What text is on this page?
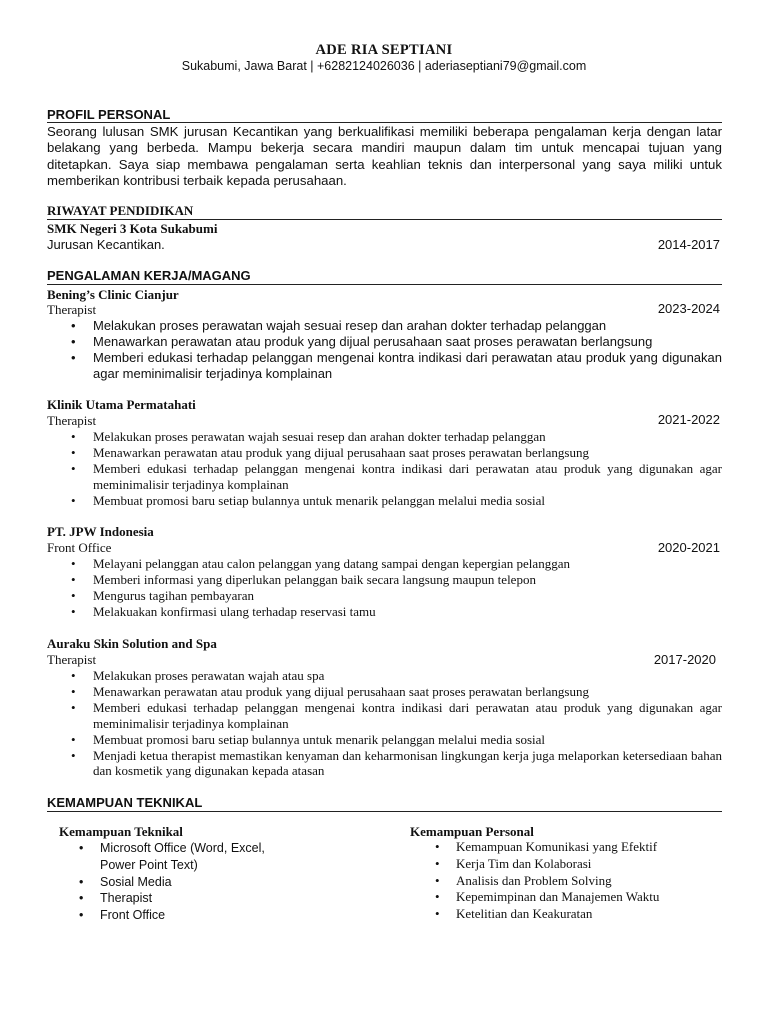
ADE RIA SEPTIANI
Sukabumi, Jawa Barat | +6282124026036 | aderiaseptiani79@gmail.com
PROFIL PERSONAL
Seorang lulusan SMK jurusan Kecantikan yang berkualifikasi memiliki beberapa pengalaman kerja dengan latar belakang yang berbeda. Mampu bekerja secara mandiri maupun dalam tim untuk mencapai tujuan yang ditetapkan. Saya siap membawa pengalaman serta keahlian teknis dan interpersonal yang saya miliki untuk memberikan kontribusi terbaik kepada perusahaan.
RIWAYAT PENDIDIKAN
SMK Negeri 3 Kota Sukabumi
Jurusan Kecantikan.	2014-2017
PENGALAMAN KERJA/MAGANG
Bening’s Clinic Cianjur
Therapist	2023-2024
• Melakukan proses perawatan wajah sesuai resep dan arahan dokter terhadap pelanggan
• Menawarkan perawatan atau produk yang dijual perusahaan saat proses perawatan berlangsung
• Memberi edukasi terhadap pelanggan mengenai kontra indikasi dari perawatan atau produk yang digunakan agar meminimalisir terjadinya komplainan
Klinik Utama Permatahati
Therapist	2021-2022
• Melakukan proses perawatan wajah sesuai resep dan arahan dokter terhadap pelanggan
• Menawarkan perawatan atau produk yang dijual perusahaan saat proses perawatan berlangsung
• Memberi edukasi terhadap pelanggan mengenai kontra indikasi dari perawatan atau produk yang digunakan agar meminimalisir terjadinya komplainan
• Membuat promosi baru setiap bulannya untuk menarik pelanggan melalui media sosial
PT. JPW Indonesia
Front Office	2020-2021
• Melayani pelanggan atau calon pelanggan yang datang sampai dengan kepergian pelanggan
• Memberi informasi yang diperlukan pelanggan baik secara langsung maupun telepon
• Mengurus tagihan pembayaran
• Melakuakan konfirmasi ulang terhadap reservasi tamu
Auraku Skin Solution and Spa
Therapist	2017-2020
• Melakukan proses perawatan wajah atau spa
• Menawarkan perawatan atau produk yang dijual perusahaan saat proses perawatan berlangsung
• Memberi edukasi terhadap pelanggan mengenai kontra indikasi dari perawatan atau produk yang digunakan agar meminimalisir terjadinya komplainan
• Membuat promosi baru setiap bulannya untuk menarik pelanggan melalui media sosial
• Menjadi ketua therapist memastikan kenyaman dan keharmonisan lingkungan kerja juga melaporkan ketersediaan bahan dan kosmetik yang digunakan kepada atasan
KEMAMPUAN TEKNIKAL
Kemampuan Teknikal
• Microsoft Office (Word, Excel, Power Point Text)
• Sosial Media
• Therapist
• Front Office
Kemampuan Personal
• Kemampuan Komunikasi yang Efektif
• Kerja Tim dan Kolaborasi
• Analisis dan Problem Solving
• Kepemimpinan dan Manajemen Waktu
• Ketelitian dan Keakuratan
